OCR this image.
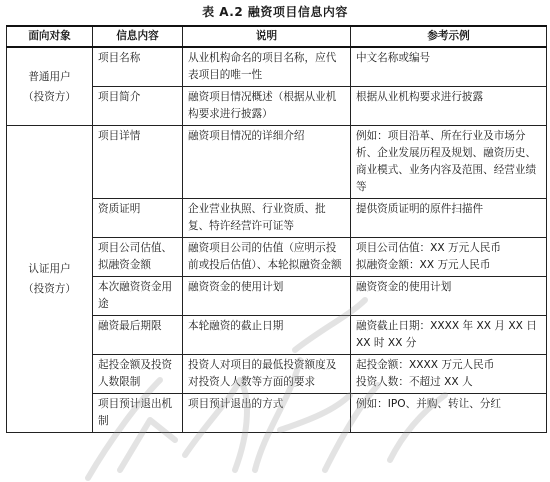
表 A.2 融资项目信息内容
面向对象	信息内容	说明	参考示例
普通用户
（投资方）	项目名称	从业机构命名的项目名称，应代表项目的唯一性	中文名称或编号
	项目简介	融资项目情况概述（根据从业机构要求进行披露）	根据从业机构要求进行披露
认证用户
（投资方）	项目详情	融资项目情况的详细介绍	例如：项目沿革、所在行业及市场分析、企业发展历程及规划、融资历史、商业模式、业务内容及范围、经营业绩等
	资质证明	企业营业执照、行业资质、批复、特许经营许可证等	提供资质证明的原件扫描件
	项目公司估值、拟融资金额	融资项目公司的估值（应明示投前或投后估值）、本轮拟融资金额	项目公司估值：XX 万元人民币
拟融资金额：XX 万元人民币
	本次融资资金用途	融资资金的使用计划	融资资金的使用计划
	融资最后期限	本轮融资的截止日期	融资截止日期：XXXX 年 XX 月 XX 日 XX 时 XX 分
	起投金额及投资人数限制	投资人对项目的最低投资额度及对投资人人数等方面的要求	起投金额：XXXX 万元人民币
投资人数：不超过 XX 人
	项目预计退出机制	项目预计退出的方式	例如：IPO、并购、转让、分红
